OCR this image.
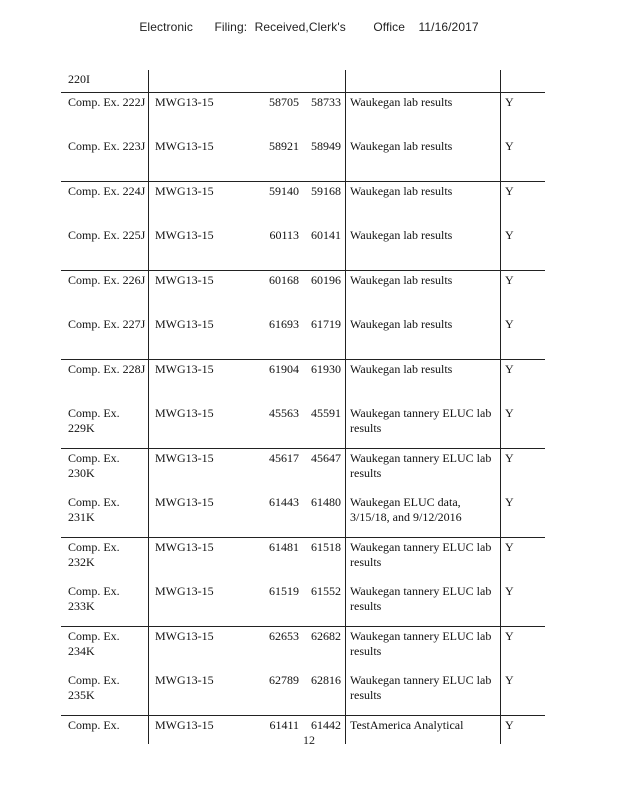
Electronic Filing: Received,Clerk's Office 11/16/2017
220I					
Comp. Ex. 222J	MWG13-15	58705	58733	Waukegan lab results	Y
Comp. Ex. 223J	MWG13-15	58921	58949	Waukegan lab results	Y
Comp. Ex. 224J	MWG13-15	59140	59168	Waukegan lab results	Y
Comp. Ex. 225J	MWG13-15	60113	60141	Waukegan lab results	Y
Comp. Ex. 226J	MWG13-15	60168	60196	Waukegan lab results	Y
Comp. Ex. 227J	MWG13-15	61693	61719	Waukegan lab results	Y
Comp. Ex. 228J	MWG13-15	61904	61930	Waukegan lab results	Y
Comp. Ex. 229K	MWG13-15	45563	45591	Waukegan tannery ELUC lab results	Y
Comp. Ex. 230K	MWG13-15	45617	45647	Waukegan tannery ELUC lab results	Y
Comp. Ex. 231K	MWG13-15	61443	61480	Waukegan ELUC data, 3/15/18, and 9/12/2016	Y
Comp. Ex. 232K	MWG13-15	61481	61518	Waukegan tannery ELUC lab results	Y
Comp. Ex. 233K	MWG13-15	61519	61552	Waukegan tannery ELUC lab results	Y
Comp. Ex. 234K	MWG13-15	62653	62682	Waukegan tannery ELUC lab results	Y
Comp. Ex. 235K	MWG13-15	62789	62816	Waukegan tannery ELUC lab results	Y
Comp. Ex.	MWG13-15	61411	61442	TestAmerica Analytical	Y
12
